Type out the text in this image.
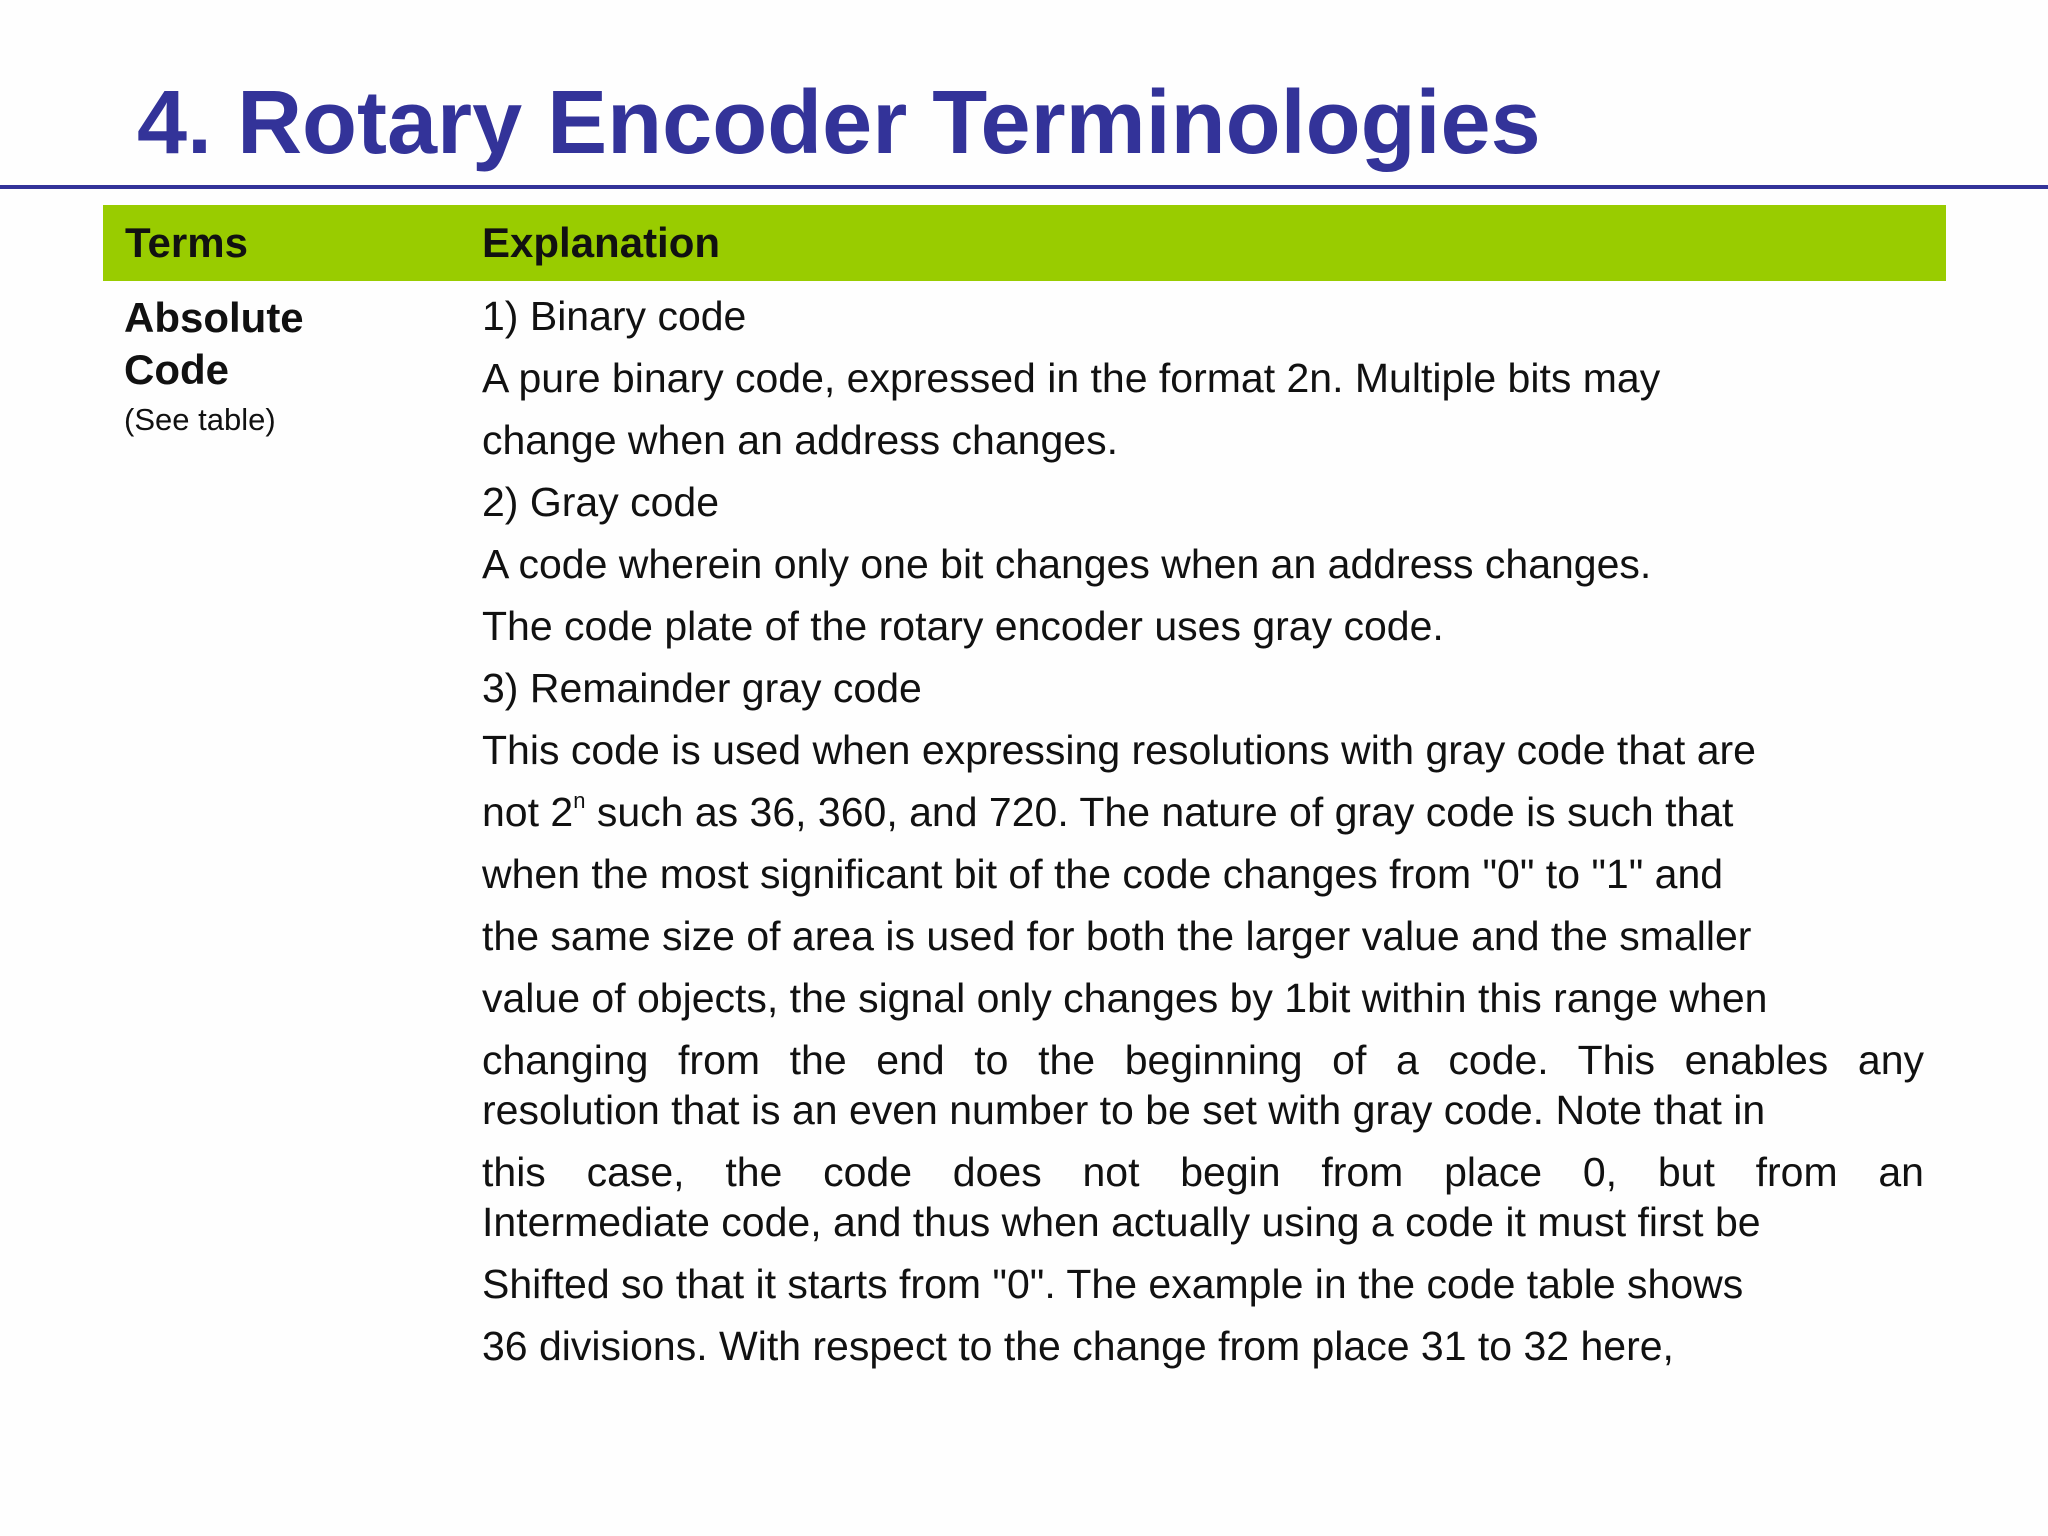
4. Rotary Encoder Terminologies
Terms	Explanation
Absolute
Code
(See table)
1) Binary code
A pure binary code, expressed in the format 2n. Multiple bits may
change when an address changes.
2) Gray code
A code wherein only one bit changes when an address changes.
The code plate of the rotary encoder uses gray code.
3) Remainder gray code
This code is used when expressing resolutions with gray code that are
not 2$^n$ such as 36, 360, and 720. The nature of gray code is such that
when the most significant bit of the code changes from "0" to "1" and
the same size of area is used for both the larger value and the smaller
value of objects, the signal only changes by 1bit within this range when
changing from the end to the beginning of a code. This enables any
resolution that is an even number to be set with gray code. Note that in
this case, the code does not begin from place 0, but from an
Intermediate code, and thus when actually using a code it must first be
Shifted so that it starts from "0". The example in the code table shows
36 divisions. With respect to the change from place 31 to 32 here,
